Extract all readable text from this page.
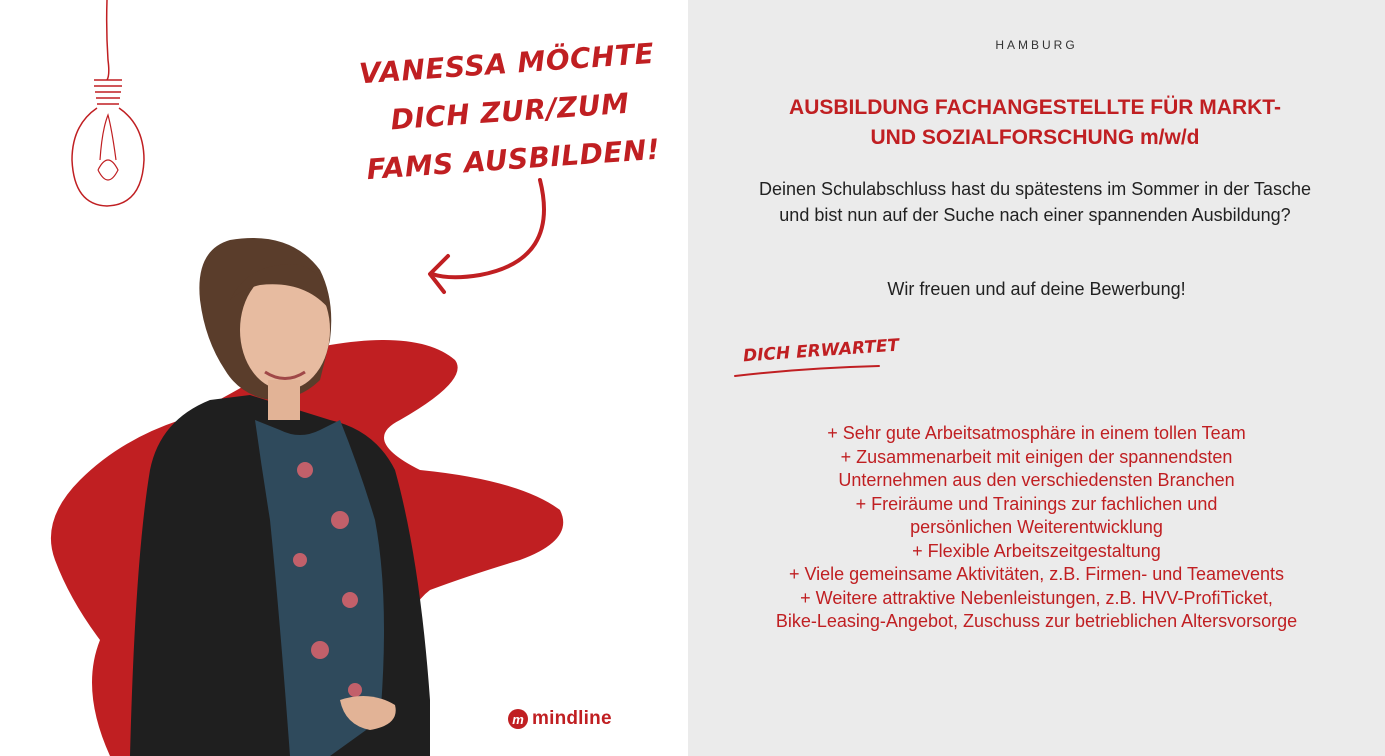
VANESSA MÖCHTE
DICH ZUR/ZUM
FAMS AUSBILDEN!
m mindline
HAMBURG
AUSBILDUNG FACHANGESTELLTE FÜR MARKT-
UND SOZIALFORSCHUNG m/w/d
Deinen Schulabschluss hast du spätestens im Sommer in der Tasche und bist nun auf der Suche nach einer spannenden Ausbildung?
Wir freuen und auf deine Bewerbung!
DICH ERWARTET
+ Sehr gute Arbeitsatmosphäre in einem tollen Team
+ Zusammenarbeit mit einigen der spannendsten
Unternehmen aus den verschiedensten Branchen
+ Freiräume und Trainings zur fachlichen und
persönlichen Weiterentwicklung
+ Flexible Arbeitszeitgestaltung
+ Viele gemeinsame Aktivitäten, z.B. Firmen- und Teamevents
+ Weitere attraktive Nebenleistungen, z.B. HVV-ProfiTicket,
Bike-Leasing-Angebot, Zuschuss zur betrieblichen Altersvorsorge
